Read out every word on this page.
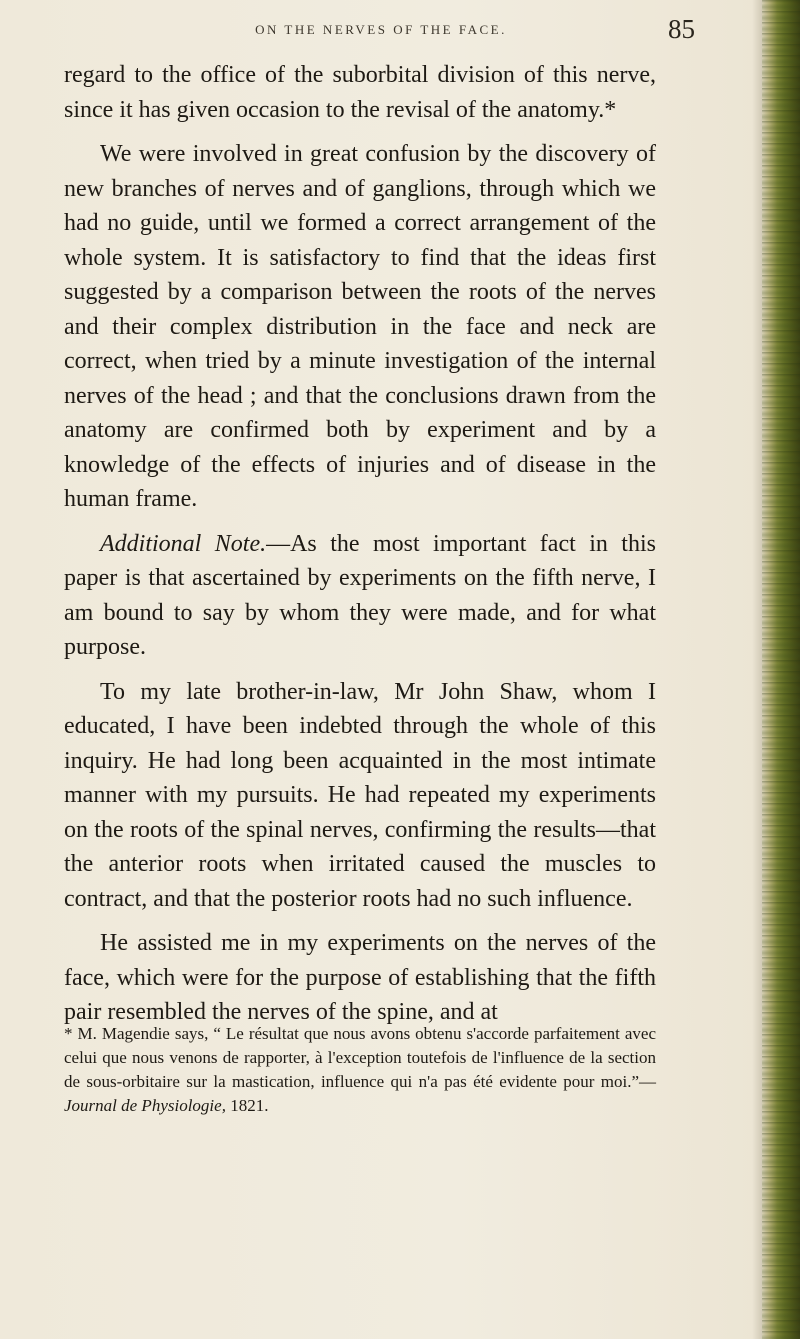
ON THE NERVES OF THE FACE.	85

regard to the office of the suborbital division of this nerve, since it has given occasion to the revisal of the anatomy.*

We were involved in great confusion by the discovery of new branches of nerves and of ganglions, through which we had no guide, until we formed a correct arrangement of the whole system. It is satisfactory to find that the ideas first suggested by a comparison between the roots of the nerves and their complex distribution in the face and neck are correct, when tried by a minute investigation of the internal nerves of the head ; and that the conclusions drawn from the anatomy are confirmed both by experiment and by a knowledge of the effects of injuries and of disease in the human frame.

Additional Note.—As the most important fact in this paper is that ascertained by experiments on the fifth nerve, I am bound to say by whom they were made, and for what purpose.

To my late brother-in-law, Mr John Shaw, whom I educated, I have been indebted through the whole of this inquiry. He had long been acquainted in the most intimate manner with my pursuits. He had repeated my experiments on the roots of the spinal nerves, confirming the results—that the anterior roots when irritated caused the muscles to contract, and that the posterior roots had no such influence.

He assisted me in my experiments on the nerves of the face, which were for the purpose of establishing that the fifth pair resembled the nerves of the spine, and at

* M. Magendie says, “ Le résultat que nous avons obtenu s'accorde parfaitement avec celui que nous venons de rapporter, à l'exception toutefois de l'influence de la section de sous-orbitaire sur la mastication, influence qui n'a pas été evidente pour moi.”—Journal de Physiologie, 1821.
